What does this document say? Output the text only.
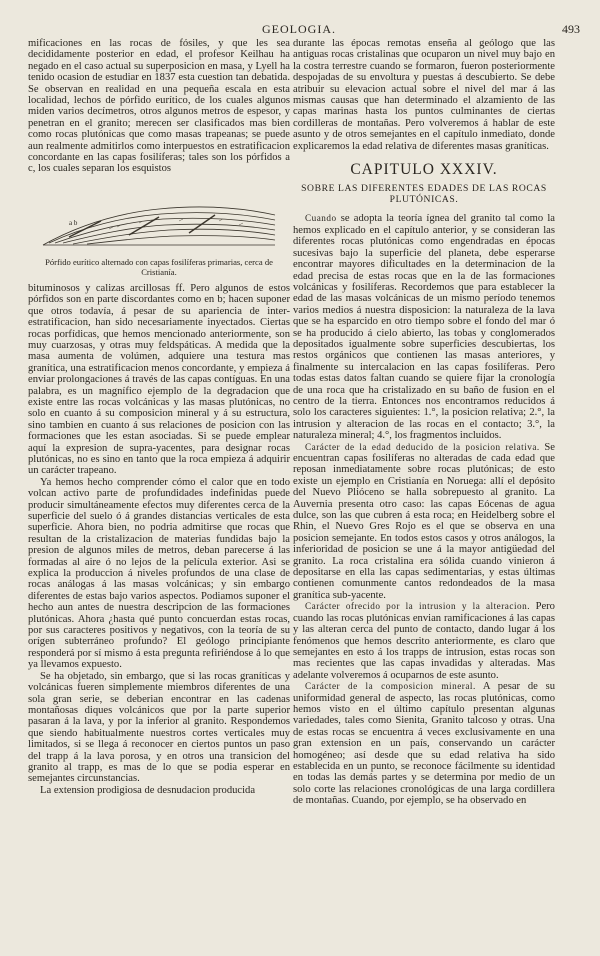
GEOLOGIA.	493

mificaciones en las rocas de fósiles, y que les sea decididamente posterior en edad, el profesor Keilhau ha negado en el caso actual su superposicion en masa, y Lyell ha tenido ocasion de estudiar en 1837 esta cuestion tan debatida. Se observan en realidad en una pequeña escala en esta localidad, lechos de pórfido eurítico, de los cuales algunos miden varios decímetros, otros algunos metros de espesor, y penetran en el granito; merecen ser clasificados mas bien como rocas plutónicas que como masas trapeanas; se puede aun realmente admitirlos como interpuestos en estratificacion concordante en las capas fosilíferas; tales son los pórfidos a c, los cuales separan los esquistos

a b
Pórfido eurítico alternado con capas fosilíferas primarias, cerca de Cristianía.

bituminosos y calizas arcillosas ff. Pero algunos de estos pórfidos son en parte discordantes como en b; hacen suponer que otros todavía, á pesar de su apariencia de inter-estratificacion, han sido necesariamente inyectados. Ciertas rocas porfídicas, que hemos mencionado anteriormente, son muy cuarzosas, y otras muy feldspáticas. A medida que la masa aumenta de volúmen, adquiere una testura mas granítica, una estratificacion menos concordante, y empieza á enviar prolongaciones á través de las capas contíguas. En una palabra, es un magnífico ejemplo de la degradacion que existe entre las rocas volcánicas y las masas plutónicas, no solo en cuanto á su composicion mineral y á su estructura, sino tambien en cuanto á sus relaciones de posicion con las formaciones que les estan asociadas. Si se puede emplear aquí la expresion de supra-yacentes, para designar rocas plutónicas, no es sino en tanto que la roca empieza á adquirir un carácter trapeano.

Ya hemos hecho comprender cómo el calor que en todo volcan activo parte de profundidades indefinidas puede producir simultáneamente efectos muy diferentes cerca de la superficie del suelo ó á grandes distancias verticales de esta superficie. Ahora bien, no podria admitirse que rocas que resultan de la cristalizacion de materias fundidas bajo la presion de algunos miles de metros, deban parecerse á las formadas al aire ó no lejos de la película exterior. Asi se explica la produccion á niveles profundos de una clase de rocas análogas á las masas volcánicas; y sin embargo diferentes de estas bajo varios aspectos. Podiamos suponer el hecho aun antes de nuestra descripcion de las formaciones plutónicas. Ahora ¿hasta qué punto concuerdan estas rocas, por sus caracteres positivos y negativos, con la teoría de su orígen subterráneo profundo? El geólogo principiante responderá por sí mismo á esta pregunta refiriéndose á lo que ya llevamos expuesto.

Se ha objetado, sin embargo, que si las rocas graníticas y volcánicas fueren simplemente miembros diferentes de una sola gran serie, se deberian encontrar en las cadenas montañosas diques volcánicos que por la parte superior pasaran á la lava, y por la inferior al granito. Respondemos que siendo habitualmente nuestros cortes verticales muy limitados, si se llega á reconocer en ciertos puntos un paso del trapp á la lava porosa, y en otros una transicion del granito al trapp, es mas de lo que se podia esperar en semejantes circunstancias.

La extension prodigiosa de desnudacion producida

durante las épocas remotas enseña al geólogo que las antiguas rocas cristalinas que ocuparon un nivel muy bajo en la costra terrestre cuando se formaron, fueron posteriormente despojadas de su envoltura y puestas á descubierto. Se debe atribuir su elevacion actual sobre el nivel del mar á las mismas causas que han determinado el alzamiento de las capas marinas hasta los puntos culminantes de ciertas cordilleras de montañas. Pero volveremos á hablar de este asunto y de otros semejantes en el capítulo inmediato, donde explicaremos la edad relativa de diferentes masas graníticas.

CAPITULO XXXIV.
SOBRE LAS DIFERENTES EDADES DE LAS ROCAS PLUTÓNICAS.

Cuando se adopta la teoría ígnea del granito tal como la hemos explicado en el capítulo anterior, y se consideran las diferentes rocas plutónicas como engendradas en épocas sucesivas bajo la superficie del planeta, debe esperarse encontrar mayores dificultades en la determinacion de la edad precisa de estas rocas que en la de las formaciones volcánicas y fosilíferas. Recordemos que para establecer la edad de las masas volcánicas de un mismo período tenemos varios medios á nuestra disposicion: la naturaleza de la lava que se ha esparcido en otro tiempo sobre el fondo del mar ó se ha producido á cielo abierto, las tobas y conglomerados depositados igualmente sobre superficies descubiertas, los restos orgánicos que contienen las masas anteriores, y finalmente su intercalacion en las capas fosilíferas. Pero todas estas datos faltan cuando se quiere fijar la cronología de una roca que ha cristalizado en su baño de fusion en el centro de la tierra. Entonces nos encontramos reducidos á solo los caracteres siguientes: 1.°, la posicion relativa; 2.°, la intrusion y alteracion de las rocas en el contacto; 3.°, la naturaleza mineral; 4.°, los fragmentos incluidos.

Carácter de la edad deducido de la posicion relativa. Se encuentran capas fosilíferas no alteradas de cada edad que reposan inmediatamente sobre rocas plutónicas; de esto existe un ejemplo en Cristianía en Noruega: allí el depósito del Nuevo Plióceno se halla sobrepuesto al granito. La Auvernia presenta otro caso: las capas Eócenas de agua dulce, son las que cubren á esta roca; en Heidelberg sobre el Rhin, el Nuevo Gres Rojo es el que se observa en una posicion semejante. En todos estos casos y otros análogos, la inferioridad de posicion se une á la mayor antigüedad del granito. La roca cristalina era sólida cuando vinieron á depositarse en ella las capas sedimentarias, y estas últimas contienen comunmente cantos redondeados de la masa granítica sub-yacente.

Carácter ofrecido por la intrusion y la alteracion. Pero cuando las rocas plutónicas envian ramificaciones á las capas y las alteran cerca del punto de contacto, dando lugar á los fenómenos que hemos descrito anteriormente, es claro que semejantes en esto á los trapps de intrusion, estas rocas son mas recientes que las capas invadidas y alteradas. Mas adelante volveremos á ocuparnos de este asunto.

Carácter de la composicion mineral. A pesar de su uniformidad general de aspecto, las rocas plutónicas, como hemos visto en el último capítulo presentan algunas variedades, tales como Sienita, Granito talcoso y otras. Una de estas rocas se encuentra á veces exclusivamente en una gran extension en un país, conservando un carácter homogéneo; así desde que su edad relativa ha sido establecida en un punto, se reconoce fácilmente su identidad en todas las demás partes y se determina por medio de un solo corte las relaciones cronológicas de una larga cordillera de montañas. Cuando, por ejemplo, se ha observado en
